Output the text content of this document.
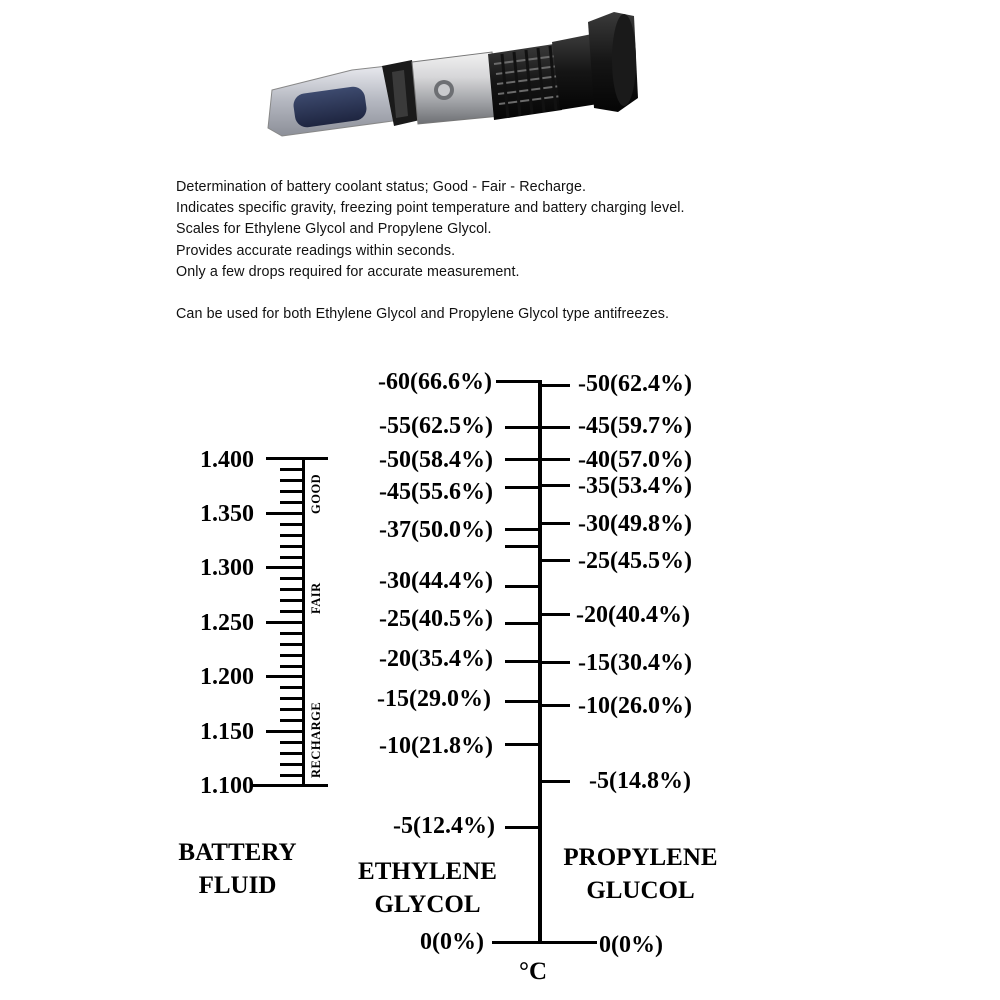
Determination of battery coolant status; Good - Fair - Recharge.
Indicates specific gravity, freezing point temperature and battery charging level.
Scales for Ethylene Glycol and Propylene Glycol.
Provides accurate readings within seconds.
Only a few drops required for accurate measurement.
Can be used for both Ethylene Glycol and Propylene Glycol type antifreezes.
1.400
1.350
1.300
1.250
1.200
1.150
1.100
GOOD
FAIR
RECHARGE
BATTERY
FLUID
-60(66.6%)
-55(62.5%)
-50(58.4%)
-45(55.6%)
-37(50.0%)
-30(44.4%)
-25(40.5%)
-20(35.4%)
-15(29.0%)
-10(21.8%)
-5(12.4%)
0(0%)
-50(62.4%)
-45(59.7%)
-40(57.0%)
-35(53.4%)
-30(49.8%)
-25(45.5%)
-20(40.4%)
-15(30.4%)
-10(26.0%)
-5(14.8%)
0(0%)
ETHYLENE
GLYCOL
PROPYLENE
GLUCOL
°C
